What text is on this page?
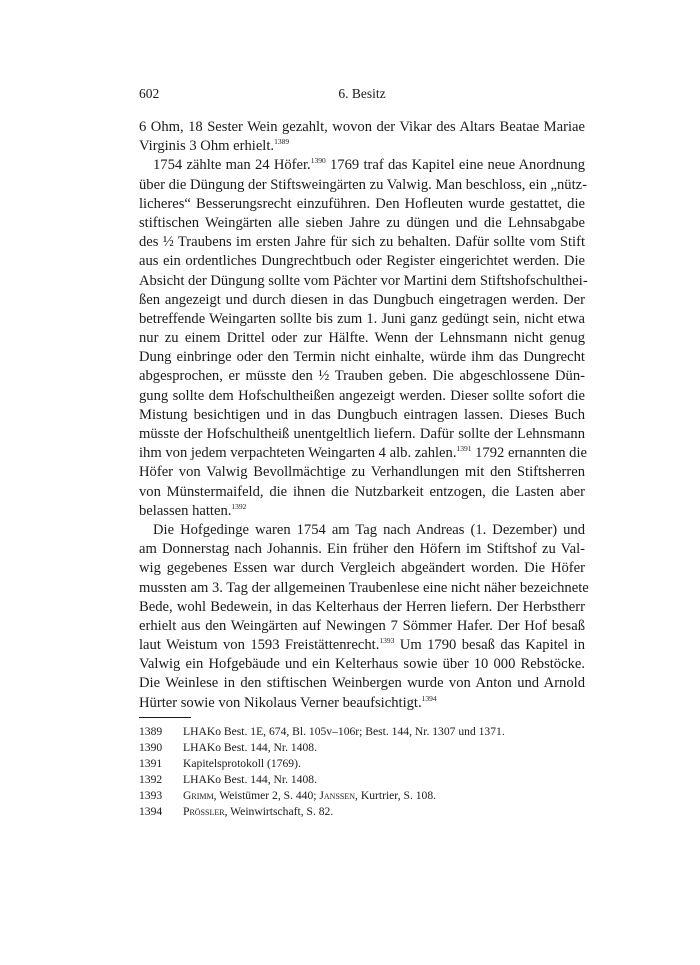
602	6. Besitz
6 Ohm, 18 Sester Wein gezahlt, wovon der Vikar des Altars Beatae Mariae
Virginis 3 Ohm erhielt.$^{1389}$
1754 zählte man 24 Höfer.$^{1390}$ 1769 traf das Kapitel eine neue Anordnung
über die Düngung der Stiftsweingärten zu Valwig. Man beschloss, ein „nütz-
licheres“ Besserungsrecht einzuführen. Den Hofleuten wurde gestattet, die
stiftischen Weingärten alle sieben Jahre zu düngen und die Lehnsabgabe
des ½ Traubens im ersten Jahre für sich zu behalten. Dafür sollte vom Stift
aus ein ordentliches Dungrechtbuch oder Register eingerichtet werden. Die
Absicht der Düngung sollte vom Pächter vor Martini dem Stiftshofschulthei-
ßen angezeigt und durch diesen in das Dungbuch eingetragen werden. Der
betreffende Weingarten sollte bis zum 1. Juni ganz gedüngt sein, nicht etwa
nur zu einem Drittel oder zur Hälfte. Wenn der Lehnsmann nicht genug
Dung einbringe oder den Termin nicht einhalte, würde ihm das Dungrecht
abgesprochen, er müsste den ½ Trauben geben. Die abgeschlossene Dün-
gung sollte dem Hofschultheißen angezeigt werden. Dieser sollte sofort die
Mistung besichtigen und in das Dungbuch eintragen lassen. Dieses Buch
müsste der Hofschultheiß unentgeltlich liefern. Dafür sollte der Lehnsmann
ihm von jedem verpachteten Weingarten 4 alb. zahlen.$^{1391}$ 1792 ernannten die
Höfer von Valwig Bevollmächtige zu Verhandlungen mit den Stiftsherren
von Münstermaifeld, die ihnen die Nutzbarkeit entzogen, die Lasten aber
belassen hatten.$^{1392}$
Die Hofgedinge waren 1754 am Tag nach Andreas (1. Dezember) und
am Donnerstag nach Johannis. Ein früher den Höfern im Stiftshof zu Val-
wig gegebenes Essen war durch Vergleich abgeändert worden. Die Höfer
mussten am 3. Tag der allgemeinen Traubenlese eine nicht näher bezeichnete
Bede, wohl Bedewein, in das Kelterhaus der Herren liefern. Der Herbstherr
erhielt aus den Weingärten auf Newingen 7 Sömmer Hafer. Der Hof besaß
laut Weistum von 1593 Freistättenrecht.$^{1393}$ Um 1790 besaß das Kapitel in
Valwig ein Hofgebäude und ein Kelterhaus sowie über 10 000 Rebstöcke.
Die Weinlese in den stiftischen Weinbergen wurde von Anton und Arnold
Hürter sowie von Nikolaus Verner beaufsichtigt.$^{1394}$
1389 LHAKo Best. 1E, 674, Bl. 105v–106r; Best. 144, Nr. 1307 und 1371.
1390 LHAKo Best. 144, Nr. 1408.
1391 Kapitelsprotokoll (1769).
1392 LHAKo Best. 144, Nr. 1408.
1393 Grimm, Weistümer 2, S. 440; Janssen, Kurtrier, S. 108.
1394 Prössler, Weinwirtschaft, S. 82.
